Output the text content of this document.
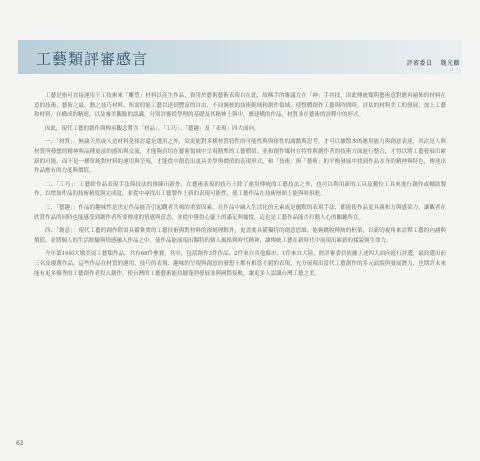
工藝類評審感言	評審委員 魏光鵬

工藝是指可直接運用于工技術來「雕塑」材料以產生作品，資用於藝術藝術表現自在此，故稱手的審議方在「神」手其技，因此傳統類與藝術意對應再遍佈的材料在造的技術，藝術之最，動之技巧材料，所需的能工藝以達到豐富的自由，不同審核的技術範域和創作領域，使整體創作工藝與時間時，評估的材料美工的發展，加上工藝和材料，在構成的精進，以及審美觀點的認識，分別評審從學理的基礎及其精神上與中，應建構的作品，材質並在藝術的詮釋中的形式。

因此，現代工藝的創作與傳承觀念將含「材品」、「工巧」、「藝趣」及「表現」四大面向。

一、「材質」：無論天然或人造材料是探討還是選用之外，須更能對多種材質特性的可能性與與探性的調動與思考，才可以擴散本的應用能力與創意表達，其次是人與材質所發想的精神與品種更前的感知與交流，才能夠真切在藝術領域中呈現精準的工藝價值。並和創作媒材在特性與創作者的技術方面進行整合，才得以將工藝發展出嶄新的可能，而不是一種單純對材料的運用與呈現，才能從中創造出更具美學與價值的表現形式，和「技術」與「藝術」的平衡發展中找到作品本身的精神與特色，傳達出作品應有的力度與價值。

二、「工巧」：工藝除作品表現手法與技法的推陳出新外，在藝術表現的技巧上除了運用傳統的工藝技法之外，也可以利用新的工具及數位工具來進行創作或輔助製作，以增加作品的技術精度與完成度，並從中尋找出工藝製作上新的表現可能性，使工藝作品在技術層面上能與時俱進。

三、「藝趣」：作品的趣味性是決定作品能否引起觀者共鳴的重要因素，在作品中融入生活化的元素或是幽默的表現手法，都能使作品更具親和力與感染力，讓觀者在欣賞作品的同時也能感受到創作者所要傳達的情感與意念，並從中獲得心靈上的滿足與愉悅，這也是工藝作品能否打動人心的關鍵所在。

四、「創意」：現代工藝的創作除須具備紮實的工藝技術與對材料的深刻理解外，更需要具備獨特的創意思維，能夠跳脫傳統的框架，以新的視角來詮釋工藝的內涵與價值，並將個人的生活經驗與情感融入作品之中，使作品能展現出獨特的個人風格與時代精神，讓傳統工藝在新時代中展現出嶄新的樣貌與生命力。

今年第19屆大墩美展工藝類作品，共有68件參賽，其中，包括創作3件作品、2件來自其他縣市、1件來自大陸，經評審委員依據上述四大面向進行評選，最終選出前三名及優選作品，這些作品在材質的運用、技巧的表現、趣味的呈現與創意的發想上都有相當不錯的表現，充分展現出當代工藝創作的多元面貌與發展潛力，也期許未來能有更多優秀的工藝創作者投入創作，使台灣的工藝藝術能持續蓬勃發展並與國際接軌，讓更多人認識台灣工藝之美。

62
